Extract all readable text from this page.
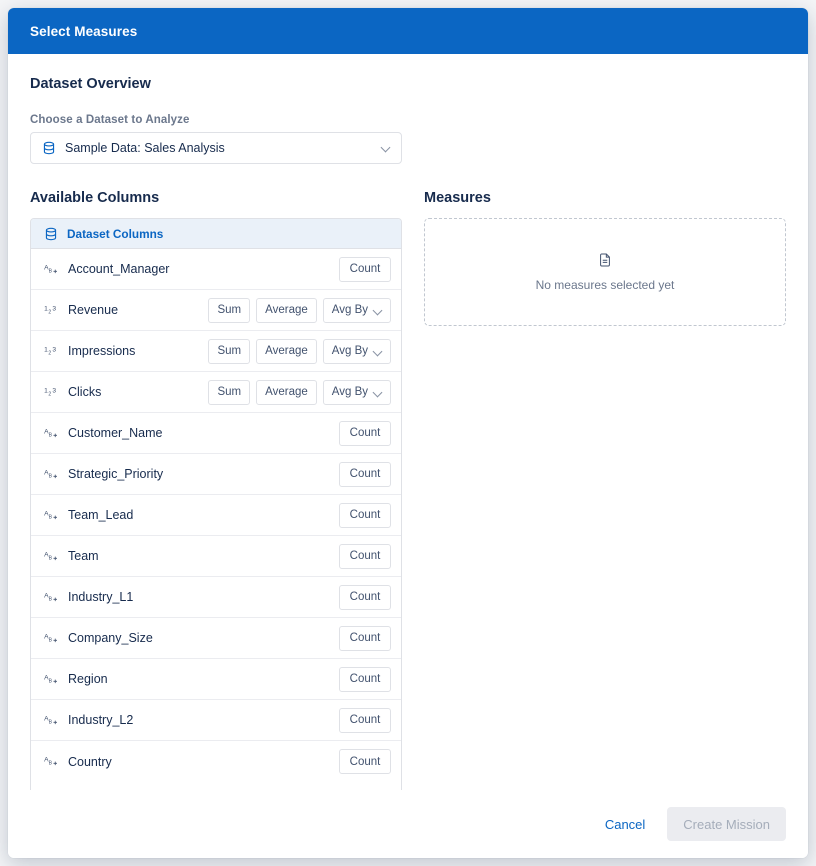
Select Measures
Dataset Overview
Choose a Dataset to Analyze
Sample Data: Sales Analysis
Available Columns
Dataset Columns
A B Account_Manager	Count
1 2 3 Revenue	Sum Average Avg By
1 2 3 Impressions	Sum Average Avg By
1 2 3 Clicks	Sum Average Avg By
A B Customer_Name	Count
A B Strategic_Priority	Count
A B Team_Lead	Count
A B Team	Count
A B Industry_L1	Count
A B Company_Size	Count
A B Region	Count
A B Industry_L2	Count
A B Country	Count
Measures
No measures selected yet
Cancel	Create Mission
